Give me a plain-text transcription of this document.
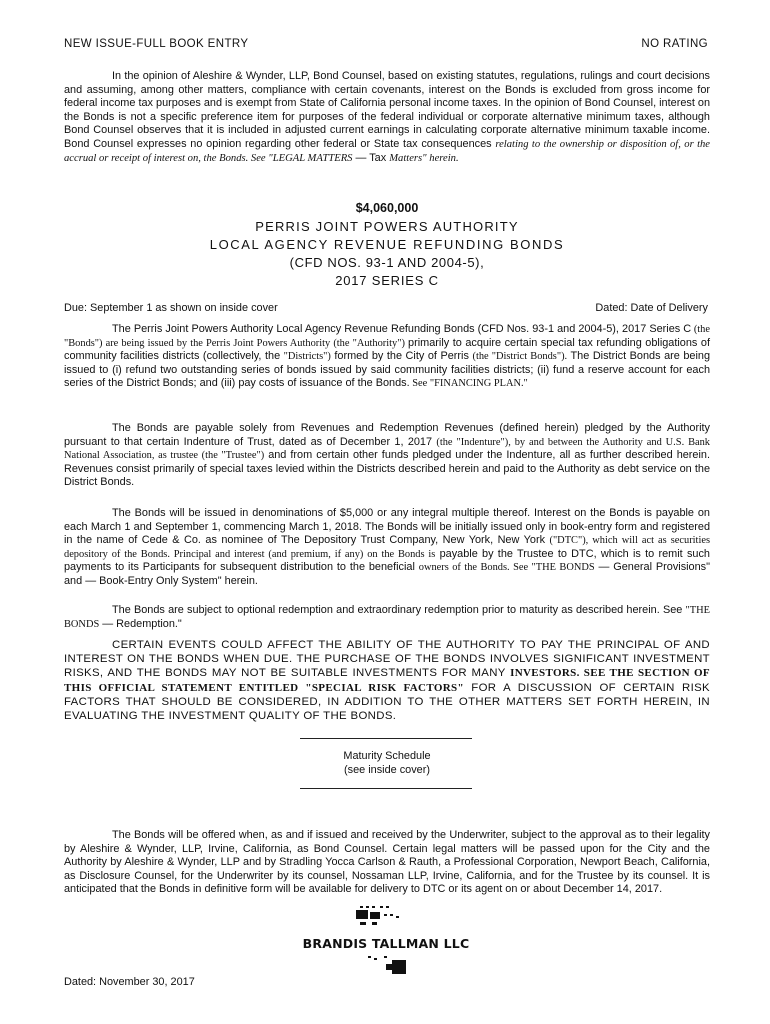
NEW ISSUE-FULL BOOK ENTRY	NO RATING

In the opinion of Aleshire & Wynder, LLP, Bond Counsel, based on existing statutes, regulations, rulings and court decisions and assuming, among other matters, compliance with certain covenants, interest on the Bonds is excluded from gross income for federal income tax purposes and is exempt from State of California personal income taxes. In the opinion of Bond Counsel, interest on the Bonds is not a specific preference item for purposes of the federal individual or corporate alternative minimum taxes, although Bond Counsel observes that it is included in adjusted current earnings in calculating corporate alternative minimum taxable income. Bond Counsel expresses no opinion regarding other federal or State tax consequences relating to the ownership or disposition of, or the accrual or receipt of interest on, the Bonds. See "LEGAL MATTERS — Tax Matters" herein.

$4,060,000
PERRIS JOINT POWERS AUTHORITY
LOCAL AGENCY REVENUE REFUNDING BONDS
(CFD NOS. 93-1 AND 2004-5),
2017 SERIES C
Due: September 1 as shown on inside cover	Dated: Date of Delivery

The Perris Joint Powers Authority Local Agency Revenue Refunding Bonds (CFD Nos. 93-1 and 2004-5), 2017 Series C (the "Bonds") are being issued by the Perris Joint Powers Authority (the "Authority") primarily to acquire certain special tax refunding obligations of community facilities districts (collectively, the "Districts") formed by the City of Perris (the "District Bonds"). The District Bonds are being issued to (i) refund two outstanding series of bonds issued by said community facilities districts; (ii) fund a reserve account for each series of the District Bonds; and (iii) pay costs of issuance of the Bonds. See "FINANCING PLAN."

The Bonds are payable solely from Revenues and Redemption Revenues (defined herein) pledged by the Authority pursuant to that certain Indenture of Trust, dated as of December 1, 2017 (the "Indenture"), by and between the Authority and U.S. Bank National Association, as trustee (the "Trustee") and from certain other funds pledged under the Indenture, all as further described herein. Revenues consist primarily of special taxes levied within the Districts described herein and paid to the Authority as debt service on the District Bonds.

The Bonds will be issued in denominations of $5,000 or any integral multiple thereof. Interest on the Bonds is payable on each March 1 and September 1, commencing March 1, 2018. The Bonds will be initially issued only in book-entry form and registered in the name of Cede & Co. as nominee of The Depository Trust Company, New York, New York ("DTC"), which will act as securities depository of the Bonds. Principal and interest (and premium, if any) on the Bonds is payable by the Trustee to DTC, which is to remit such payments to its Participants for subsequent distribution to the beneficial owners of the Bonds. See "THE BONDS — General Provisions" and — Book-Entry Only System" herein.

The Bonds are subject to optional redemption and extraordinary redemption prior to maturity as described herein. See "THE BONDS — Redemption."

CERTAIN EVENTS COULD AFFECT THE ABILITY OF THE AUTHORITY TO PAY THE PRINCIPAL OF AND INTEREST ON THE BONDS WHEN DUE. THE PURCHASE OF THE BONDS INVOLVES SIGNIFICANT INVESTMENT RISKS, AND THE BONDS MAY NOT BE SUITABLE INVESTMENTS FOR MANY INVESTORS. SEE THE SECTION OF THIS OFFICIAL STATEMENT ENTITLED "SPECIAL RISK FACTORS" FOR A DISCUSSION OF CERTAIN RISK FACTORS THAT SHOULD BE CONSIDERED, IN ADDITION TO THE OTHER MATTERS SET FORTH HEREIN, IN EVALUATING THE INVESTMENT QUALITY OF THE BONDS.

Maturity Schedule
(see inside cover)

The Bonds will be offered when, as and if issued and received by the Underwriter, subject to the approval as to their legality by Aleshire & Wynder, LLP, Irvine, California, as Bond Counsel. Certain legal matters will be passed upon for the City and the Authority by Aleshire & Wynder, LLP and by Stradling Yocca Carlson & Rauth, a Professional Corporation, Newport Beach, California, as Disclosure Counsel, for the Underwriter by its counsel, Nossaman LLP, Irvine, California, and for the Trustee by its counsel. It is anticipated that the Bonds in definitive form will be available for delivery to DTC or its agent on or about December 14, 2017.

BRANDIS TALLMAN LLC
Dated: November 30, 2017
